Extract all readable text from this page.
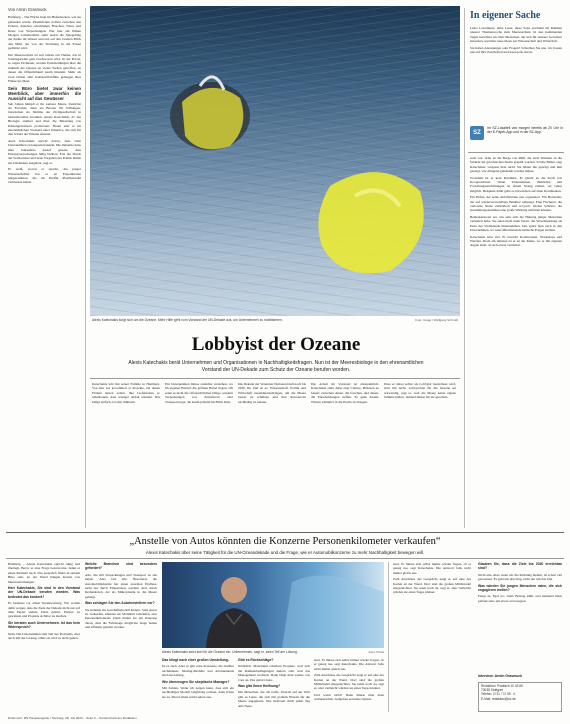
Von Armin Grasmuck

Hamburg – Die Fläche liegt im Hafenbecken, wie sie gefunden wurde. Plastikfolien treiben zwischen den Pollern, daneben schwimmen Flaschen, Netze und Reste von Verpackungen. Wer hier am frühen Morgen vorbeikommt, sieht zuerst die Spiegelung der Kräne im Wasser und erst auf den zweiten Blick den Müll, der von der Strömung in die Ecken gedrückt wird.

Der Meeresschutz ist seit Jahren ein Thema, das in Sonntagsreden gern beschworen wird. In der Praxis, so sagen Fachleute, werden Entscheidungen über die Zukunft der Ozeane an vielen Stellen getroffen, an denen die Öffentlichkeit kaum hinsieht. Mehr als zwei Drittel aller Kunststoffabfälle gelangen über Flüsse ins Meer.

Sein Büro bietet zwar keinen Meerblick, aber immerhin die Aussicht auf das Gewässer

Seit Jahren kämpft er für saubere Meere. Zunächst als Forscher, dann als Berater für Stiftungen, inzwischen als Stimme der Zivilgesellschaft in internationalen Gremien. Alexis Katechakis, 47, hat Biologie studiert und über die Belastung von Küstengewässern promoviert. Heute sitzt er im ehrenamtlichen Vorstand einer Initiative, die sich für den Schutz der Ozeane einsetzt.

Auch Katechakis spricht davon, dass viele Unternehmen zu langsam handeln. Die Industrie habe über Jahrzehnte darauf gesetzt, dass Einwegverpackungen billig bleiben. Erst der Druck der Verbraucher und neue Vorgaben der Politik hätten ein Umdenken ausgelöst, sagt er.

Er weiß, wovon er spricht. Als junger Wissenschaftler hat er an Expeditionen teilgenommen, die im Pazifik Plastikstrudel vermessen haben.

Alexis Katechakis sorgt sich um die Ozeane. Mehr Hilfe geht vom Vorstand der UN-Dekade aus, um Unternehmen zu mobilisieren.	Foto: Imago / Wolfgang Schmidt
Lobbyist der Ozeane
Alexis Katechakis berät Unternehmen und Organisationen in Nachhaltigkeitsfragen. Nun ist der Meeresbiologe in den ehrenamtlichen Vorstand der UN-Dekade zum Schutz der Ozeane berufen worden.

Katechakis lebt mit seiner Familie in Hamburg. Von hier aus koordiniert er Projekte, bei denen Firmen lernen sollen, ihre Lieferketten so umzubauen, dass weniger Abfall entsteht. Das klingt einfach, ist aber mühsam.

Ein Unternehmen müsse zunächst verstehen, wo im eigenen Betrieb die größten Hebel liegen. Oft seien es nicht die offensichtlichen Dinge, sondern Verpackungen von Zulieferern oder Transportwege, die kaum jemand im Blick habe.

Die Dekade der Vereinten Nationen läuft noch bis 2030. Ihr Ziel ist es, Wissenschaft, Politik und Wirtschaft zusammenzubringen, um die Meere besser zu schützen und ihre Ressourcen nachhaltig zu nutzen.

Die Arbeit im Vorstand ist ehrenamtlich. Katechakis sieht darin eine Chance, Brücken zu bauen: zwischen denen, die forschen, und denen, die Entscheidungen treffen. Es gehe darum, Wissen schneller in die Praxis zu bringen.

Dass er dabei selbst als Lobbyist bezeichnet wird, stört ihn nicht. Lobbyarbeit für die Ozeane sei notwendig, sagt er, weil die Meere keine eigene Stimme hätten. Jemand müsse für sie sprechen.

In eigener Sache

Liebe Leserinnen, liebe Leser, diese Seite erscheint im Rahmen unserer Themenwoche zum Meeresschutz. In den kommenden Tagen berichten wir über Menschen, die sich für saubere Gewässer einsetzen, und über neue Ideen aus Wissenschaft und Wirtschaft.

Sie haben Anregungen oder Fragen? Schreiben Sie uns, wir freuen uns auf Ihre Zuschriften und lesen jede davon.

SZ
Ihr SZ-Lokalteil von morgen bereits ab 20 Uhr in der E-Paper-App und in der SZ-App.

setzt war. Oder an die Berge von Müll, die nach Stürmen an die Strände der griechischen Inseln gespült wurden. Solche Bilder, sagt Katechakis, vergesse man nicht. Sie hätten ihn geprägt und ihm gezeigt, wie dringend gehandelt werden müsse.

Trotzdem ist er kein Pessimist. Er glaubt an die Kraft von Kooperationen. Wenn Unternehmen, Behörden und Forschungseinrichtungen an einem Strang ziehen, sei vieles möglich. Beispiele dafür gebe es inzwischen auf allen Kontinenten.

Ein Hafen, der seine Abfallströme neu organisiert. Ein Hersteller, der auf wiederverwendbare Behälter umsteigt. Eine Fischerei, die verlorene Netze zurückholt und recycelt. Kleine Schritte, die zusammengenommen eine große Wirkung entfalten können.

Bemerkenswert sei, wie sehr sich die Haltung junger Menschen verändert habe. Sie seien nicht mehr bereit, die Verschmutzung als Preis des Wohlstands hinzunehmen. Das spüre man auch in den Unternehmen, wo neue Mitarbeitende kritische Fragen stellten.

Katechakis reist viel. Er besucht Konferenzen, Workshops und Werften. Doch am liebsten ist er an der Küste, wo er mit eigenen Augen sieht, ob sich etwas verändert.

„Anstelle von Autos könnten die Konzerne Personenkilometer verkaufen“
Alexis Katechakis über seine Tätigkeit für die UN-Ozeandekade und die Frage, wie er Automobilkonzerne zu mehr Nachhaltigkeit bewegen will.

Hamburg – Alexis Katechakis spricht ruhig und überlegt. Bevor er eine Frage beantwortet, denkt er einen Moment nach. Das Gespräch findet in seinem Büro statt, an der Wand hängen Karten von Meeresströmungen.

Herr Katechakis, Sie sind in den Vorstand der UN-Dekade berufen worden. Was bedeutet das konkret?

Es bedeutet vor allem Verantwortung. Wir wollen dafür sorgen, dass die Ziele der Dekade nicht nur auf dem Papier stehen. Dazu gehört, Partner zu gewinnen und Projekte sichtbar zu machen.

Sie beraten auch Unternehmen. Ist das kein Widerspruch?

Nein. Die Unternehmen sind Teil des Problems, aber auch Teil der Lösung. Ohne sie wird es nicht gehen.

Welche Branchen sind besonders gefordert?

Alle, die mit Verpackungen und Transport zu tun haben. Also fast alle. Besonders die Automobilindustrie hat einen enormen Einfluss, nicht nur durch Emissionen, sondern auch durch Reifenabrieb, der als Mikroplastik in die Meere gelangt.

Was schlagen Sie den Autoherstellern vor?

Sie könnten ihr Geschäftsmodell ändern. Statt Autos zu verkaufen, könnten sie Mobilität verkaufen, also Personenkilometer. Dann hätten sie ein Interesse daran, dass die Fahrzeuge möglichst lange halten und effizient genutzt werden.

Alexis Katechakis setzt sich für die Ozeane ein. Unternehmen, sagt er, seien Teil der Lösung.	Foto: Privat

Das klingt nach einer großen Umstellung.

Ist es auch. Aber es gibt erste Konzerne, die darüber nachdenken. Sharing-Modelle und Abonnements sind ein Anfang.

Wie überzeugen Sie skeptische Manager?

Mit Zahlen. Wenn ich zeigen kann, dass sich ein nachhaltiges Modell langfristig rechnet, dann hören sie zu. Moral allein reicht selten aus.

Gibt es Rückschläge?

Natürlich. Manchmal scheitern Projekte, weil sich die Rahmenbedingungen ändern oder weil das Management wechselt. Dann fängt man wieder von vorn an. Das gehört dazu.

Was gibt Ihnen Hoffnung?

Die Menschen, die ich treffe. Überall auf der Welt gibt es Leute, die sich mit großem Einsatz für die Meere engagieren. Das motiviert mich jeden Tag aufs Neue.

ziert. Er müsse sich selbst immer wieder fragen, ob er genug tue, sagt Katechakis. Die Antwort falle nicht immer gleich aus.

Zum Abschluss des Gesprächs zeigt er auf eine der Karten an der Wand. Dort sind die großen Müllstrudel eingezeichnet. Sie seien noch da, sagt er, aber vielleicht würden sie eines Tages kleiner.

Und wenn nicht? Dann müsse man eben weitermachen. Aufgeben sei keine Option.

ziert. Er müsse sich selbst immer wieder fragen, ob er genug tue, sagt Katechakis. Die Antwort falle nicht immer gleich aus.

Zum Abschluss des Gesprächs zeigt er auf eine der Karten an der Wand. Dort sind die großen Müllstrudel eingezeichnet. Sie seien noch da, sagt er, aber vielleicht würden sie eines Tages kleiner.

Glauben Sie, dass die Ziele bis 2030 erreichbar sind?

Nicht alle. Aber wenn wir die Richtung ändern, ist schon viel gewonnen. Es geht um den Weg, nicht nur um das Ziel.

Was würden Sie jungen Menschen raten, die sich engagieren wollen?

Fangt an. Egal wo. Jeder Beitrag zählt, und niemand muss perfekt sein, um etwas zu bewegen.

Interview: Armin Grasmuck
Redaktion: Postfach 10 43 65
70038 Stuttgart
Telefon: 0711 / 72 05 - 0
E-Mail: redaktion@sz.de
Dokument: RN Hauptausgabe / Sonntag, 28. Juli 2024 – Seite 6 – Sonderdruck der Redaktion
